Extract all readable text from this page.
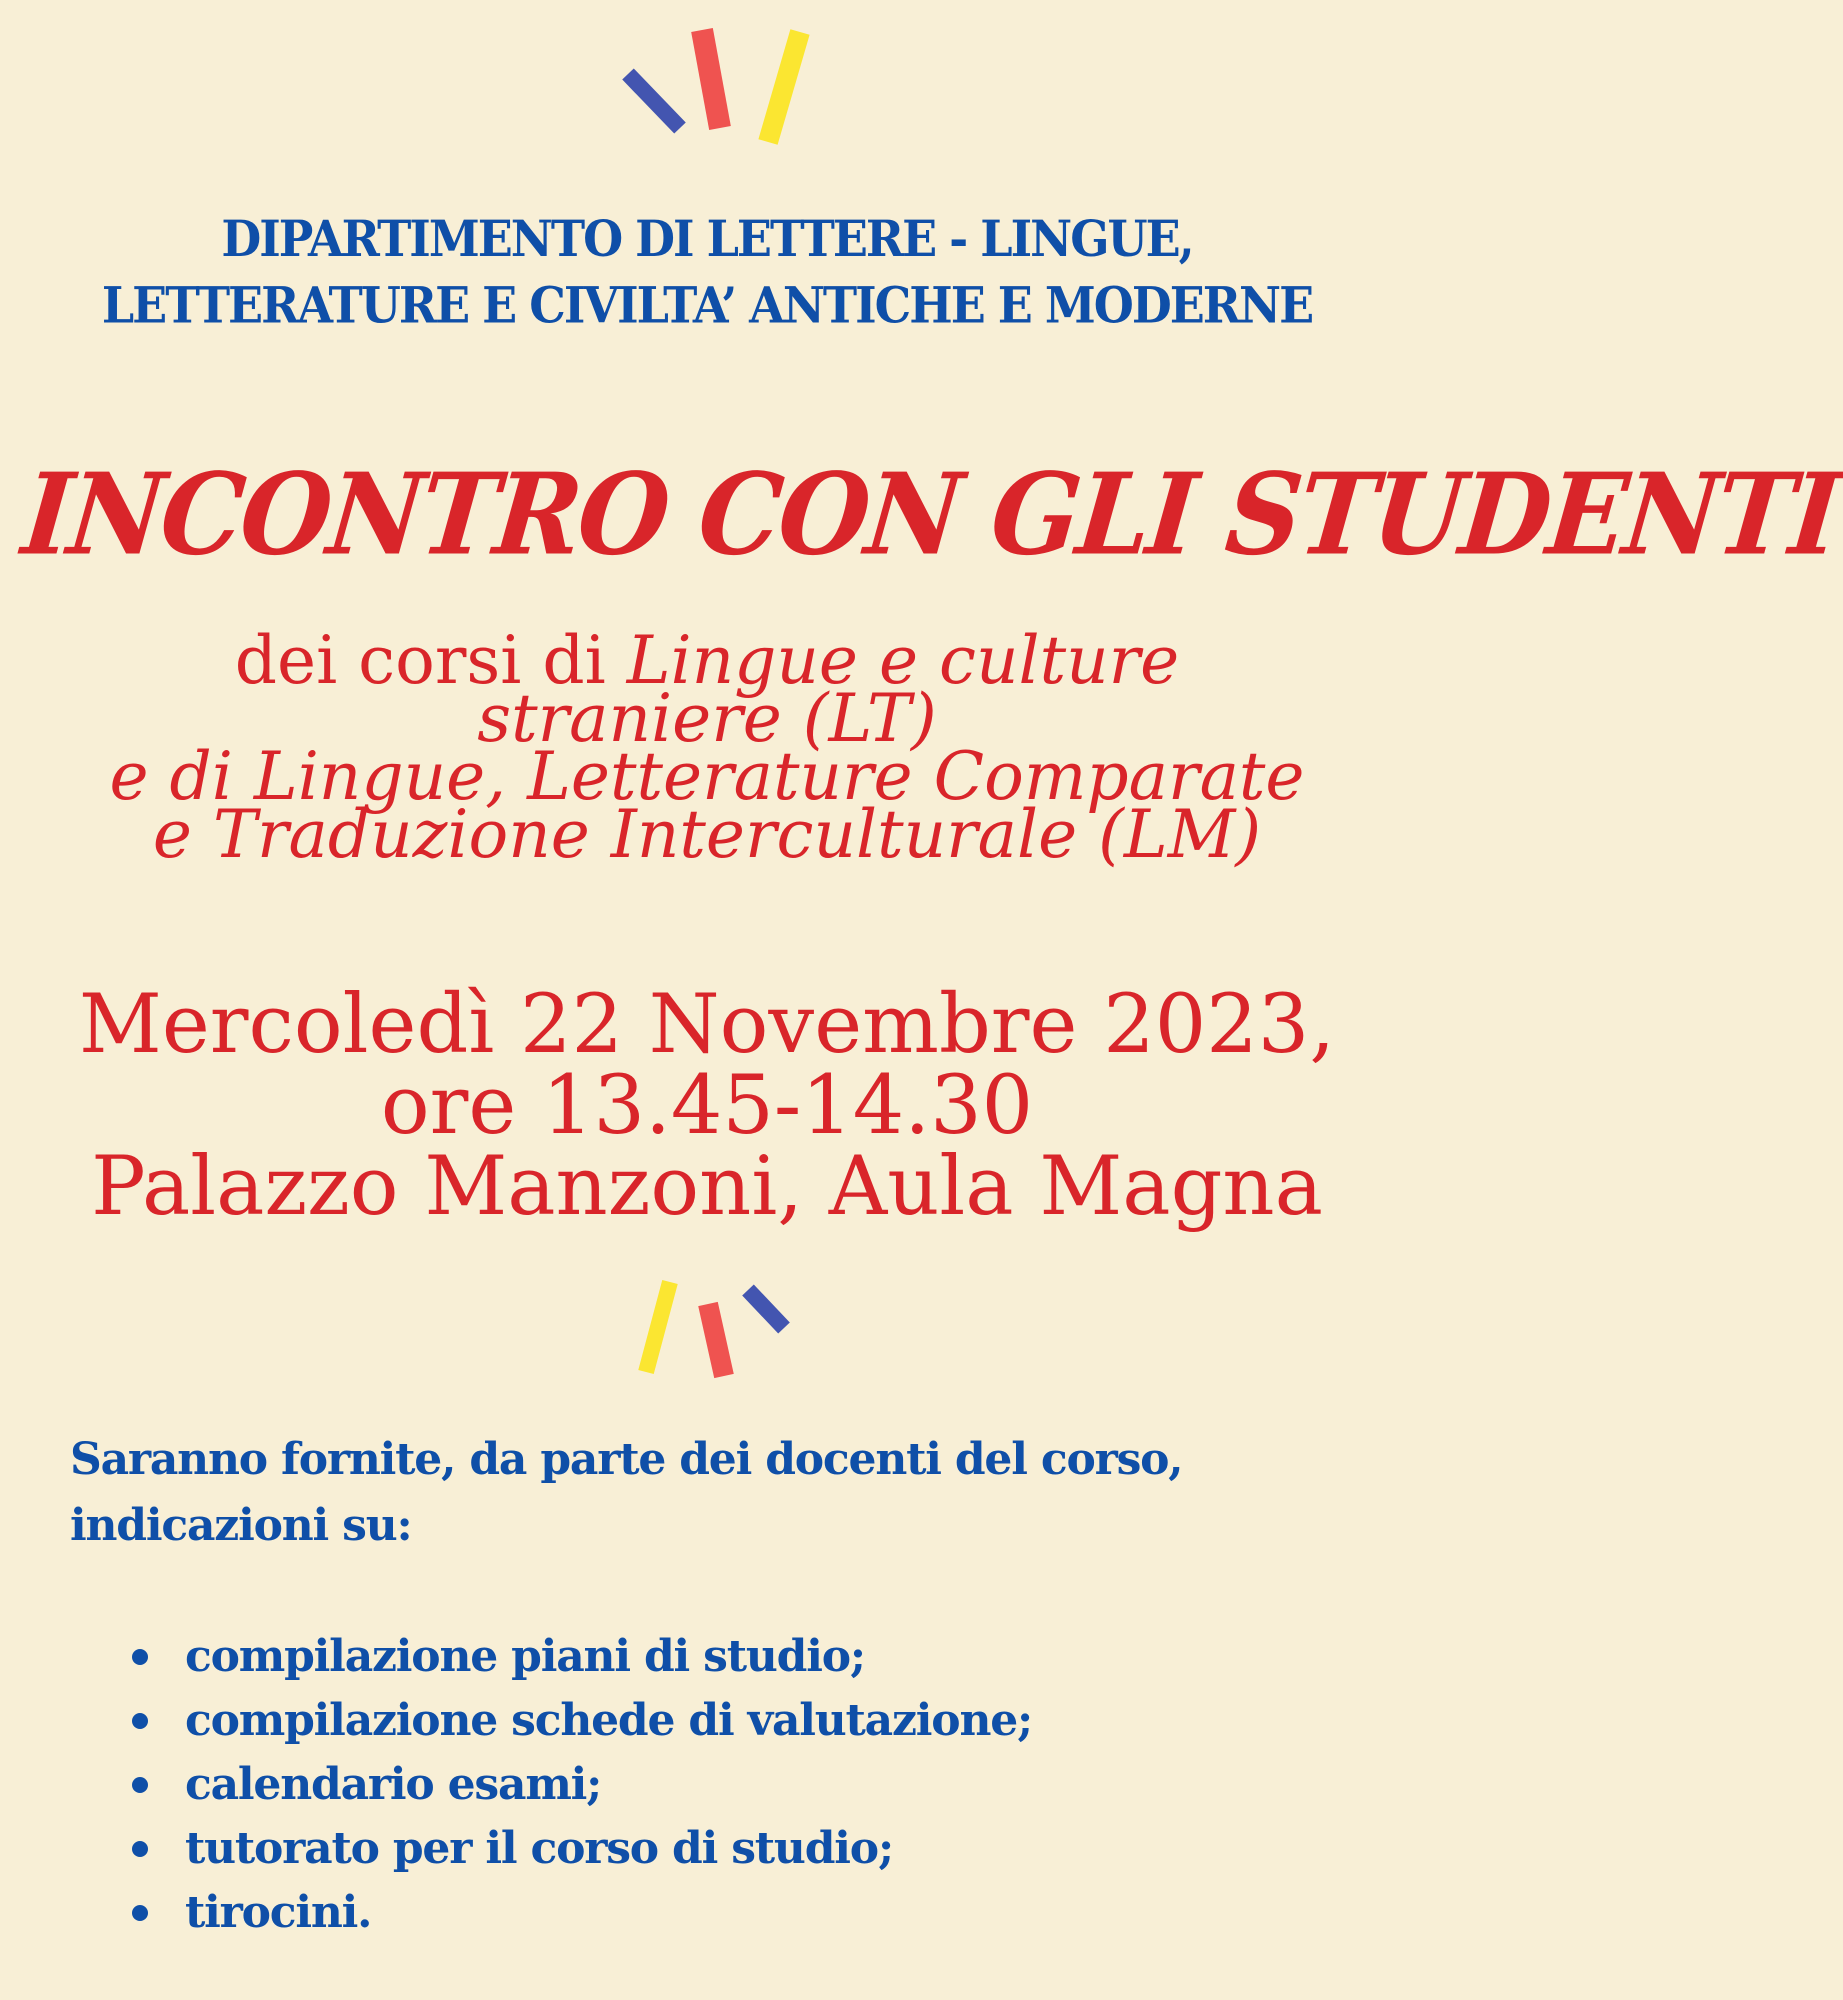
DIPARTIMENTO DI LETTERE - LINGUE,
LETTERATURE E CIVILTA’ ANTICHE E MODERNE
INCONTRO CON GLI STUDENTI
dei corsi di Lingue e culture
straniere (LT)
e di Lingue, Letterature Comparate
e Traduzione Interculturale (LM)
Mercoledì 22 Novembre 2023,
ore 13.45-14.30
Palazzo Manzoni, Aula Magna
Saranno fornite, da parte dei docenti del corso,
indicazioni su:
compilazione piani di studio;
compilazione schede di valutazione;
calendario esami;
tutorato per il corso di studio;
tirocini.
